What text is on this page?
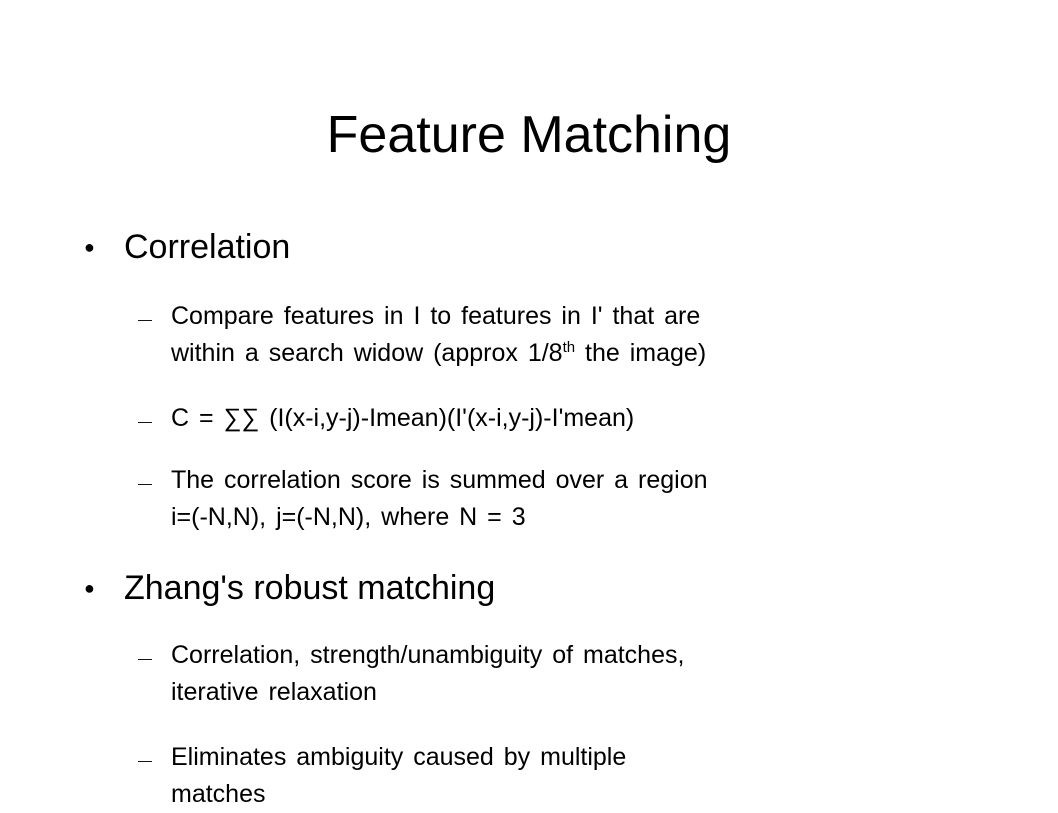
Feature Matching
● Correlation
— Compare features in I to features in I' that are
within a search widow (approx 1/8th the image)
— C = ∑∑ (I(x-i,y-j)-Imean)(I'(x-i,y-j)-I'mean)
— The correlation score is summed over a region
i=(-N,N), j=(-N,N), where N = 3
● Zhang's robust matching
— Correlation, strength/unambiguity of matches,
iterative relaxation
— Eliminates ambiguity caused by multiple
matches
